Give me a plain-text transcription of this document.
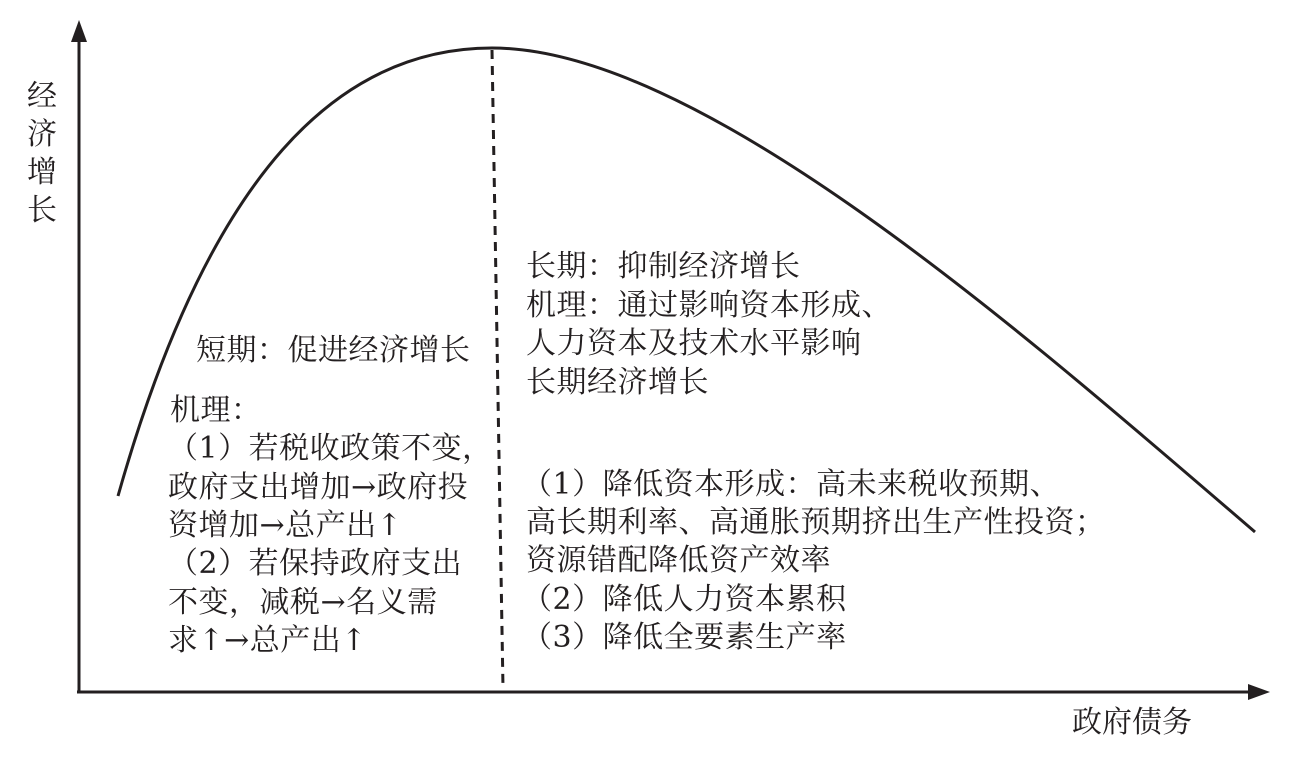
经济增长
政府债务
短期：促进经济增长
机理：
（1）若税收政策不变，
政府支出增加→政府投
资增加→总产出↑
（2）若保持政府支出
不变，减税→名义需
求↑→总产出↑
长期：抑制经济增长
机理：通过影响资本形成、
人力资本及技术水平影响
长期经济增长
（1）降低资本形成：高未来税收预期、
高长期利率、高通胀预期挤出生产性投资；
资源错配降低资产效率
（2）降低人力资本累积
（3）降低全要素生产率
